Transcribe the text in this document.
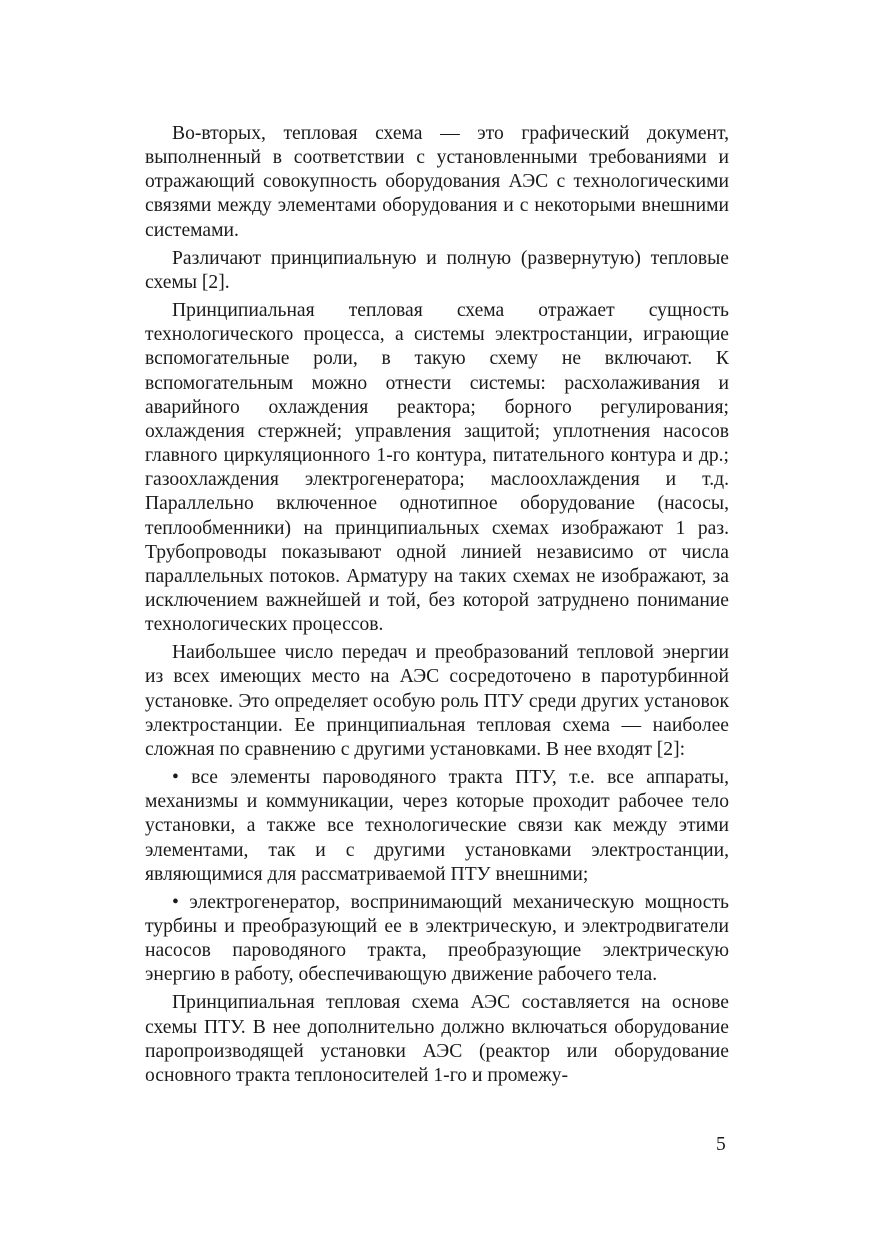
Во-вторых, тепловая схема — это графический документ, выполненный в соответствии с установленными требованиями и отражающий совокупность оборудования АЭС с технологическими связями между элементами оборудования и с некоторыми внешними системами.

Различают принципиальную и полную (развернутую) тепловые схемы [2].

Принципиальная тепловая схема отражает сущность технологического процесса, а системы электростанции, играющие вспомогательные роли, в такую схему не включают. К вспомогательным можно отнести системы: расхолаживания и аварийного охлаждения реактора; борного регулирования; охлаждения стержней; управления защитой; уплотнения насосов главного циркуляционного 1-го контура, питательного контура и др.; газоохлаждения электрогенератора; маслоохлаждения и т.д. Параллельно включенное однотипное оборудование (насосы, теплообменники) на принципиальных схемах изображают 1 раз. Трубопроводы показывают одной линией независимо от числа параллельных потоков. Арматуру на таких схемах не изображают, за исключением важнейшей и той, без которой затруднено понимание технологических процессов.

Наибольшее число передач и преобразований тепловой энергии из всех имеющих место на АЭС сосредоточено в паротурбинной установке. Это определяет особую роль ПТУ среди других установок электростанции. Ее принципиальная тепловая схема — наиболее сложная по сравнению с другими установками. В нее входят [2]:

• все элементы пароводяного тракта ПТУ, т.е. все аппараты, механизмы и коммуникации, через которые проходит рабочее тело установки, а также все технологические связи как между этими элементами, так и с другими установками электростанции, являющимися для рассматриваемой ПТУ внешними;

• электрогенератор, воспринимающий механическую мощность турбины и преобразующий ее в электрическую, и электродвигатели насосов пароводяного тракта, преобразующие электрическую энергию в работу, обеспечивающую движение рабочего тела.

Принципиальная тепловая схема АЭС составляется на основе схемы ПТУ. В нее дополнительно должно включаться оборудование паропроизводящей установки АЭС (реактор или оборудование основного тракта теплоносителей 1-го и промежу-

5
